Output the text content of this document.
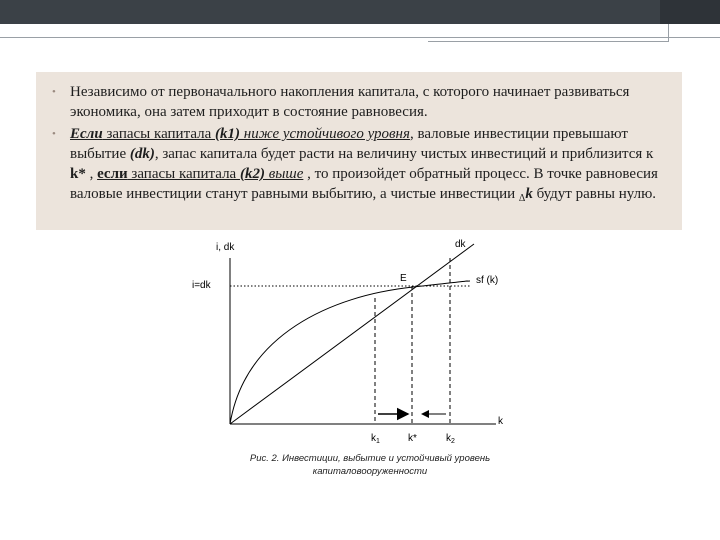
• Независимо от первоначального накопления капитала, с которого начинает развиваться экономика, она затем приходит в состояние равновесия.
• Если запасы капитала (k1) ниже устойчивого уровня, валовые инвестиции превышают выбытие (dk), запас капитала будет расти на величину чистых инвестиций и приблизится к k* , если запасы капитала (k2) выше , то произойдет обратный процесс. В точке равновесия валовые инвестиции станут равными выбытию, а чистые инвестиции $_\Delta$k будут равны нулю.
i, dk
k
i=dk
dk
sf (k)
E
$k_1$	k*	$k_2$
Рис. 2. Инвестиции, выбытие и устойчивый уровень
капиталовооруженности
